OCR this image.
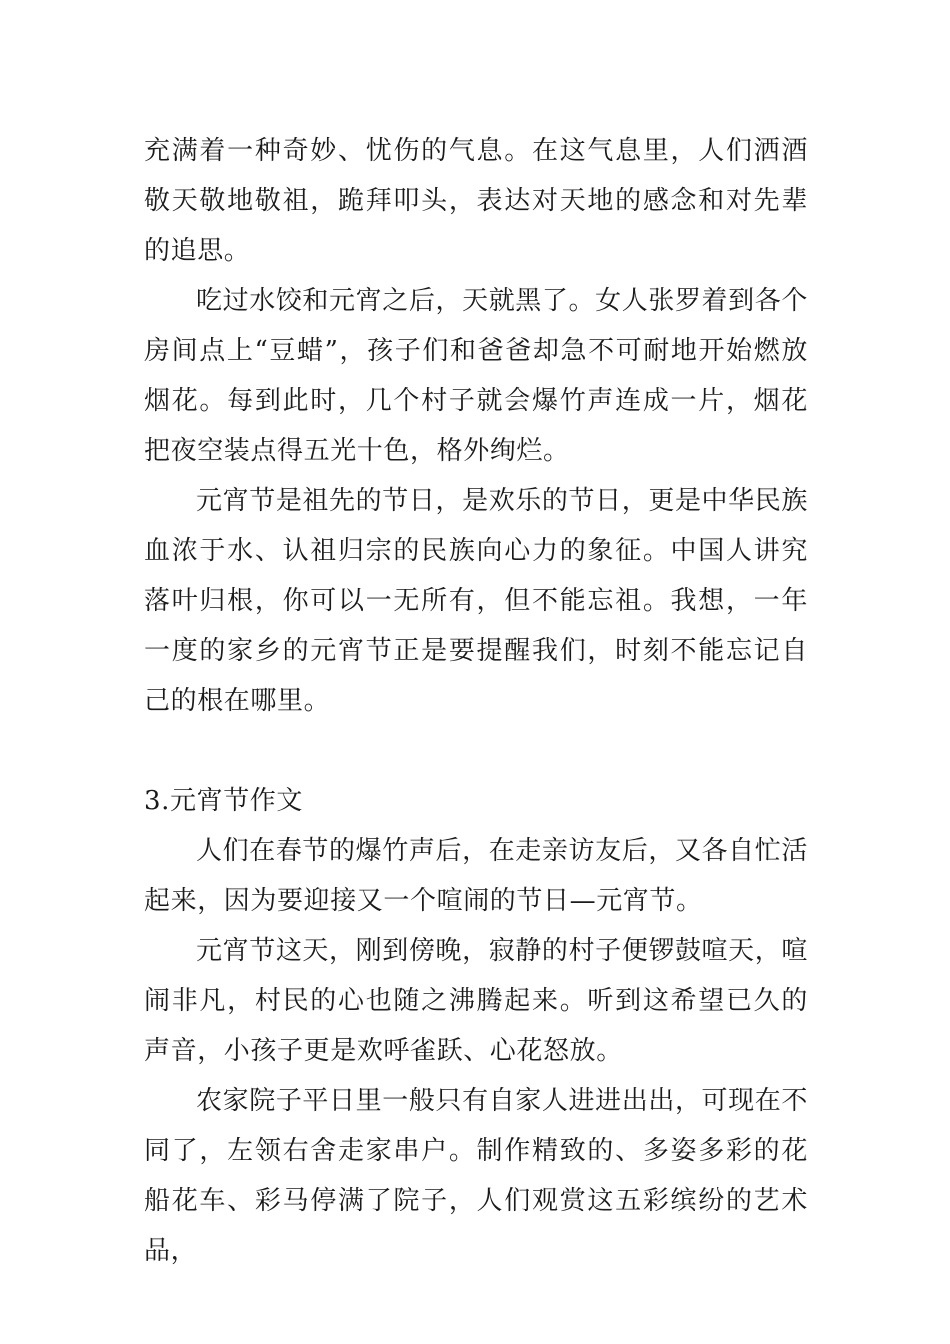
充满着一种奇妙、忧伤的气息。在这气息里，人们洒酒敬天敬地敬祖，跪拜叩头，表达对天地的感念和对先辈的追思。

吃过水饺和元宵之后，天就黑了。女人张罗着到各个房间点上“豆蜡”，孩子们和爸爸却急不可耐地开始燃放烟花。每到此时，几个村子就会爆竹声连成一片，烟花把夜空装点得五光十色，格外绚烂。

元宵节是祖先的节日，是欢乐的节日，更是中华民族血浓于水、认祖归宗的民族向心力的象征。中国人讲究落叶归根，你可以一无所有，但不能忘祖。我想，一年一度的家乡的元宵节正是要提醒我们，时刻不能忘记自己的根在哪里。

3.元宵节作文

人们在春节的爆竹声后，在走亲访友后，又各自忙活起来，因为要迎接又一个喧闹的节日—元宵节。

元宵节这天，刚到傍晚，寂静的村子便锣鼓喧天，喧闹非凡，村民的心也随之沸腾起来。听到这希望已久的声音，小孩子更是欢呼雀跃、心花怒放。

农家院子平日里一般只有自家人进进出出，可现在不同了，左领右舍走家串户。制作精致的、多姿多彩的花船花车、彩马停满了院子，人们观赏这五彩缤纷的艺术品，
